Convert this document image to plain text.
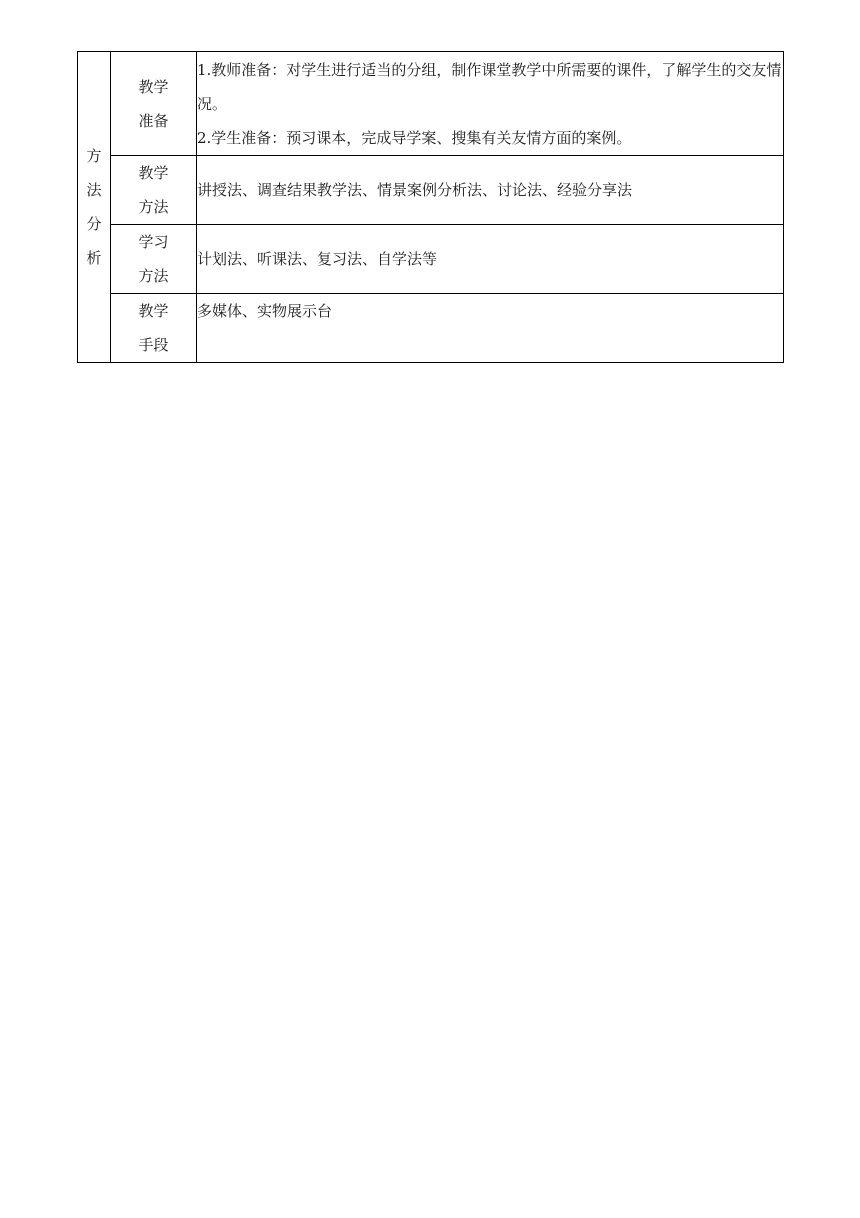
方法分析	教学准备	1.教师准备：对学生进行适当的分组，制作课堂教学中所需要的课件，了解学生的交友情况。

2.学生准备：预习课本，完成导学案、搜集有关友情方面的案例。

	教学方法	讲授法、调查结果教学法、情景案例分析法、讨论法、经验分享法

	学习方法	计划法、听课法、复习法、自学法等

	教学手段	多媒体、实物展示台
